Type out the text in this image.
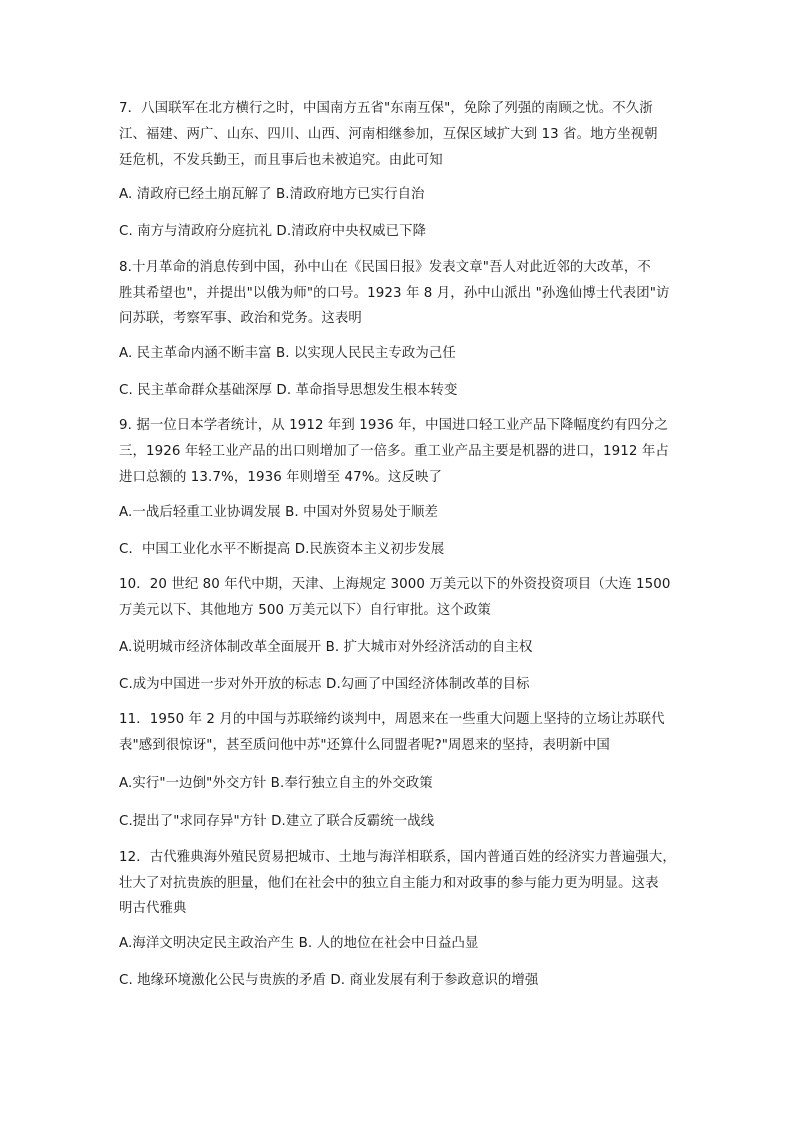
7．八国联军在北方横行之时，中国南方五省"东南互保"，免除了列强的南顾之忧。不久浙
江、福建、两广、山东、四川、山西、河南相继参加，互保区域扩大到 13 省。地方坐视朝
廷危机，不发兵勤王，而且事后也未被追究。由此可知
A. 清政府已经土崩瓦解了 B.清政府地方已实行自治
C. 南方与清政府分庭抗礼 D.清政府中央权威已下降
8.十月革命的消息传到中国，孙中山在《民国日报》发表文章"吾人对此近邻的大改革，不
胜其希望也"，并提出"以俄为师"的口号。1923 年 8 月，孙中山派出 "孙逸仙博士代表团"访
问苏联，考察军事、政治和党务。这表明
A. 民主革命内涵不断丰富 B. 以实现人民民主专政为己任
C. 民主革命群众基础深厚 D. 革命指导思想发生根本转变
9. 据一位日本学者统计，从 1912 年到 1936 年，中国进口轻工业产品下降幅度约有四分之
三，1926 年轻工业产品的出口则增加了一倍多。重工业产品主要是机器的进口，1912 年占
进口总额的 13.7%，1936 年则增至 47%。这反映了
A.一战后轻重工业协调发展 B. 中国对外贸易处于顺差
C．中国工业化水平不断提高 D.民族资本主义初步发展
10．20 世纪 80 年代中期，天津、上海规定 3000 万美元以下的外资投资项目（大连 1500
万美元以下、其他地方 500 万美元以下）自行审批。这个政策
A.说明城市经济体制改革全面展开 B. 扩大城市对外经济活动的自主权
C.成为中国进一步对外开放的标志 D.勾画了中国经济体制改革的目标
11．1950 年 2 月的中国与苏联缔约谈判中，周恩来在一些重大问题上坚持的立场让苏联代
表"感到很惊讶"，甚至质问他中苏"还算什么同盟者呢?"周恩来的坚持，表明新中国
A.实行"一边倒"外交方针 B.奉行独立自主的外交政策
C.提出了"求同存异"方针 D.建立了联合反霸统一战线
12．古代雅典海外殖民贸易把城市、土地与海洋相联系，国内普通百姓的经济实力普遍强大，
壮大了对抗贵族的胆量，他们在社会中的独立自主能力和对政事的参与能力更为明显。这表
明古代雅典
A.海洋文明决定民主政治产生 B. 人的地位在社会中日益凸显
C. 地缘环境激化公民与贵族的矛盾 D. 商业发展有利于参政意识的增强
